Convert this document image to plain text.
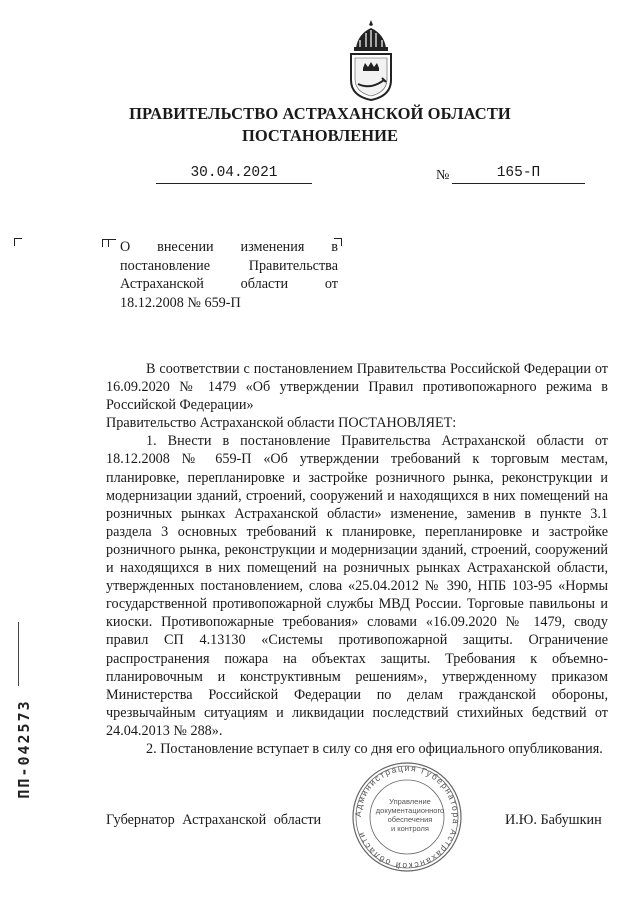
ПРАВИТЕЛЬСТВО АСТРАХАНСКОЙ ОБЛАСТИ
ПОСТАНОВЛЕНИЕ
30.04.2021	№	165-П
О внесении изменения в постановление Правительства Астраханской области от 18.12.2008 № 659-П

В соответствии с постановлением Правительства Российской Федерации от 16.09.2020 № 1479 «Об утверждении Правил противопожарного режима в Российской Федерации»

Правительство Астраханской области ПОСТАНОВЛЯЕТ:

1. Внести в постановление Правительства Астраханской области от 18.12.2008 № 659-П «Об утверждении требований к торговым местам, планировке, перепланировке и застройке розничного рынка, реконструкции и модернизации зданий, строений, сооружений и находящихся в них помещений на розничных рынках Астраханской области» изменение, заменив в пункте 3.1 раздела 3 основных требований к планировке, перепланировке и застройке розничного рынка, реконструкции и модернизации зданий, строений, сооружений и находящихся в них помещений на розничных рынках Астраханской области, утвержденных постановлением, слова «25.04.2012 № 390, НПБ 103-95 «Нормы государственной противопожарной службы МВД России. Торговые павильоны и киоски. Противопожарные требования» словами «16.09.2020 № 1479, своду правил СП 4.13130 «Системы противопожарной защиты. Ограничение распространения пожара на объектах защиты. Требования к объемно-планировочным и конструктивным решениям», утвержденному приказом Министерства Российской Федерации по делам гражданской обороны, чрезвычайным ситуациям и ликвидации последствий стихийных бедствий от 24.04.2013 № 288».

2. Постановление вступает в силу со дня его официального опубликования.

Губернатор Астраханской области	И.Ю. Бабушкин
Администрация Губернатора Астраханской области
Управление
документационного
обеспечения
и контроля
ПП-042573
